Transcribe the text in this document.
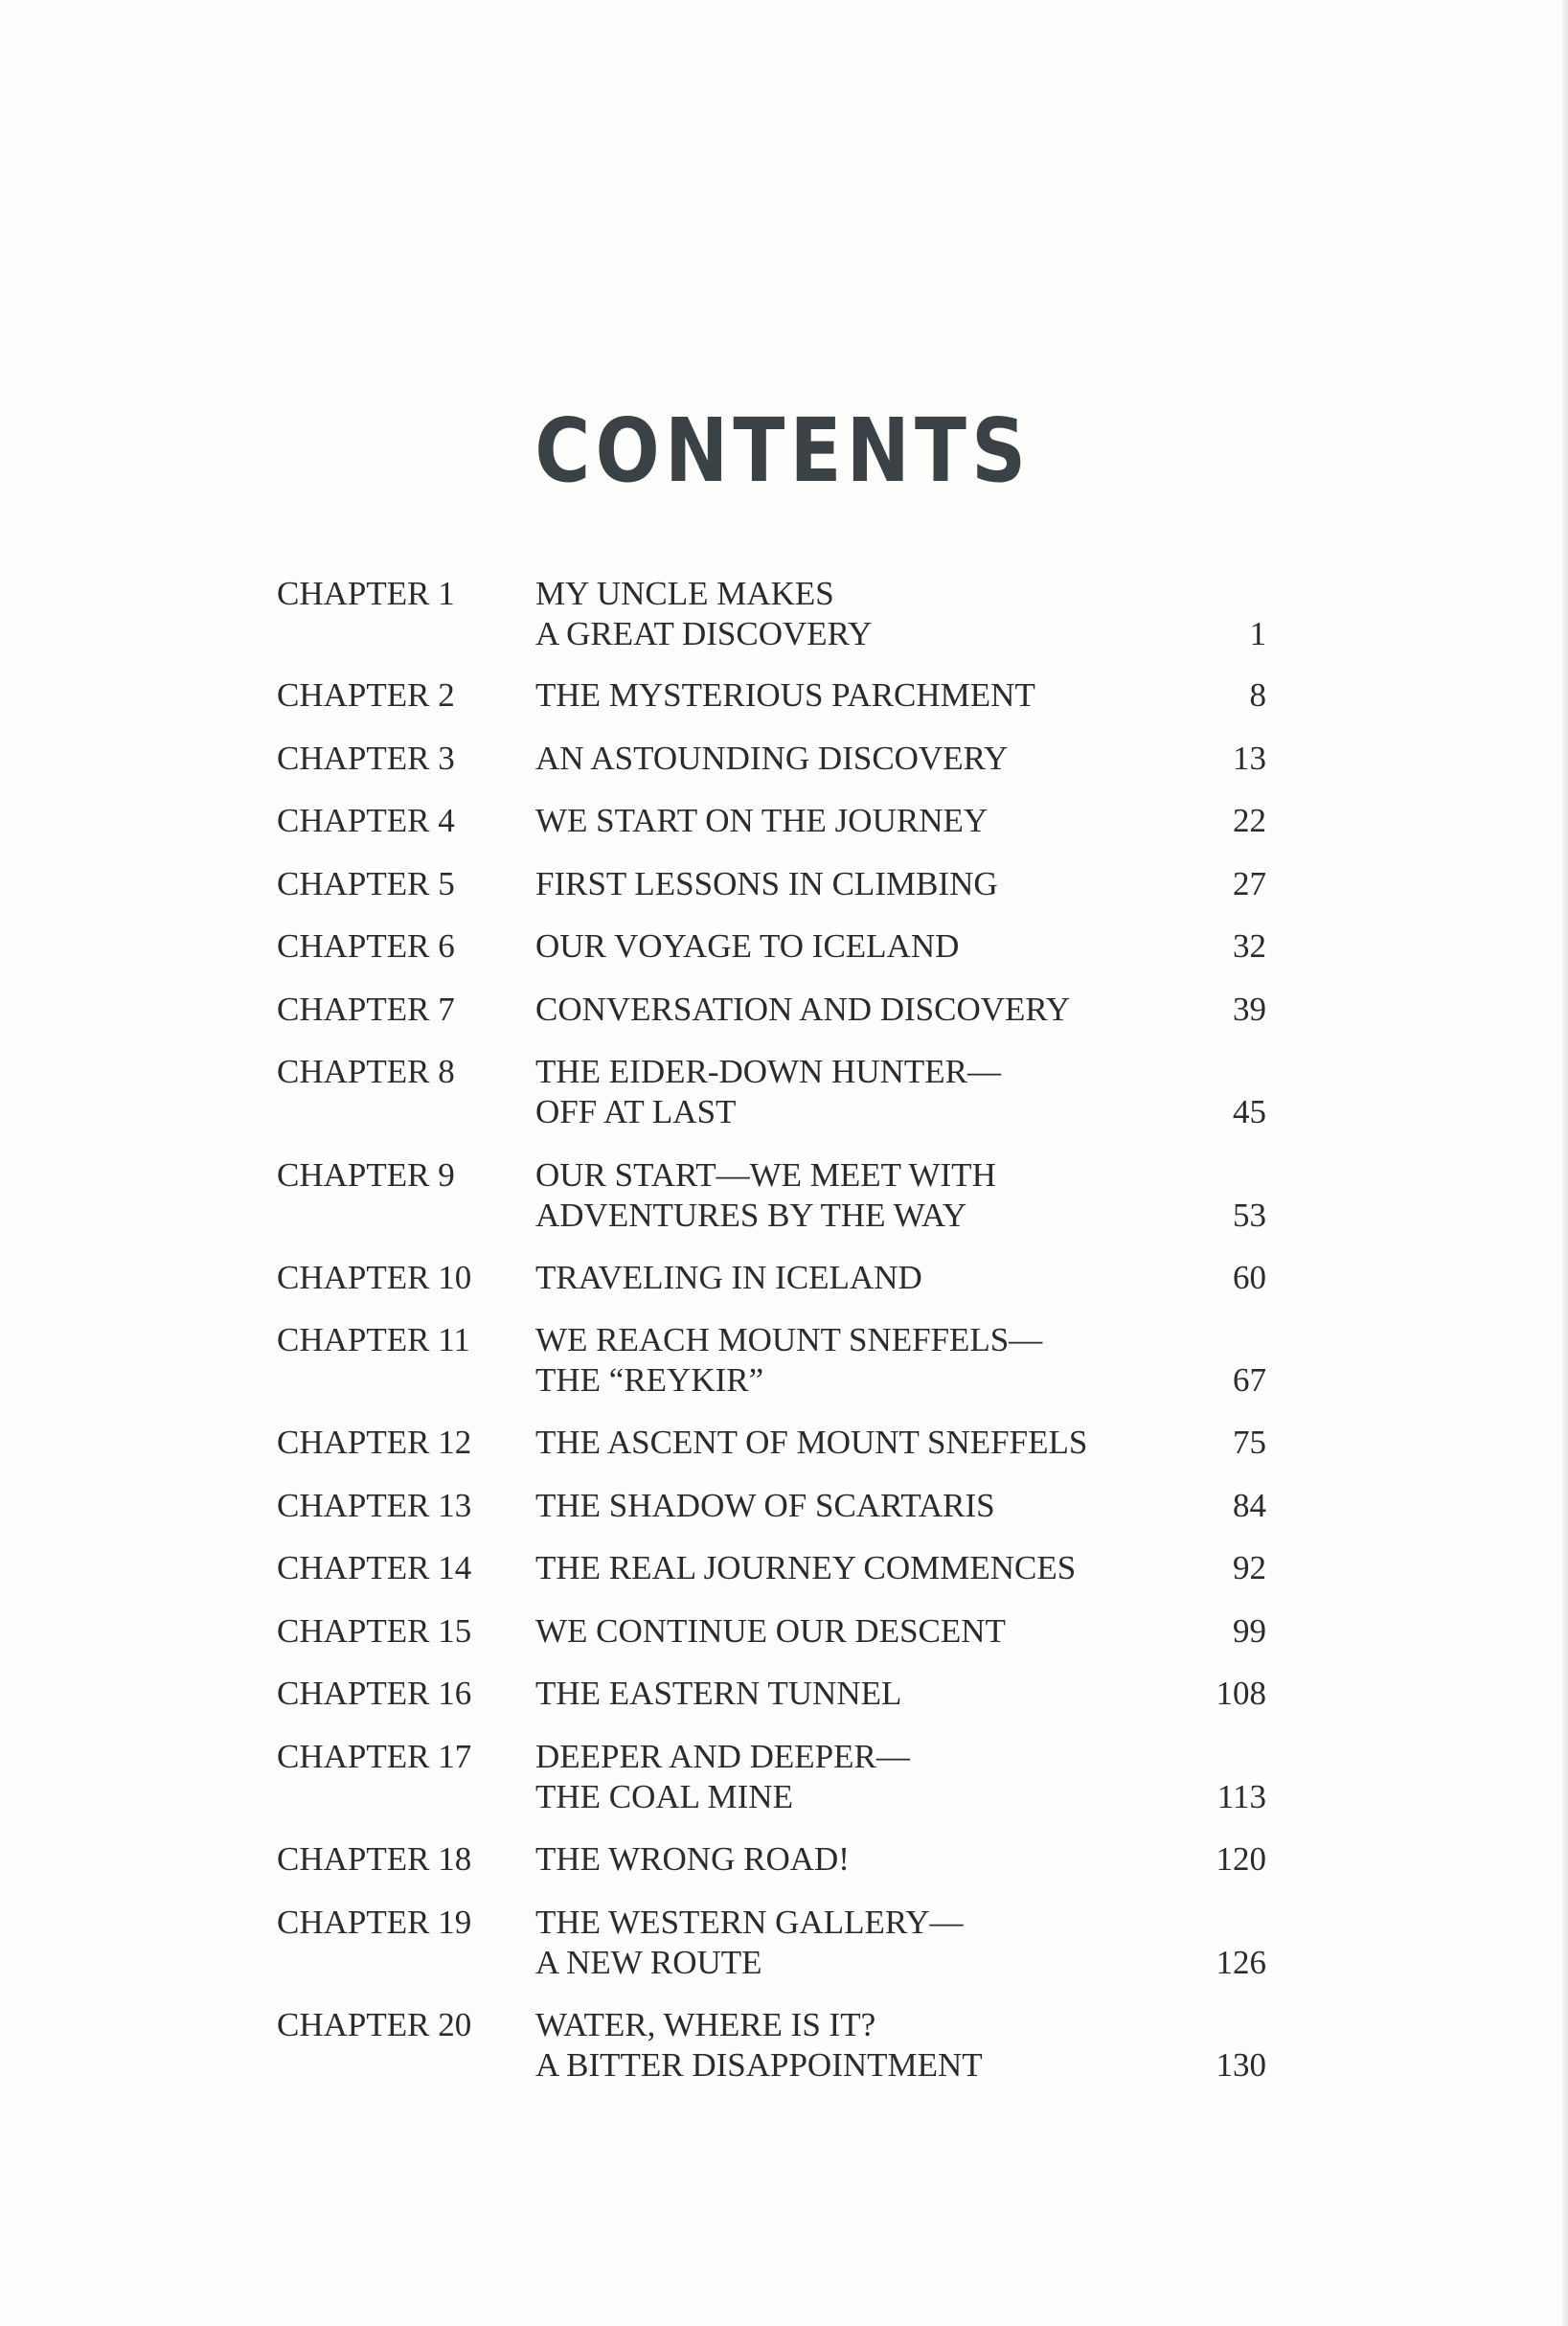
CONTENTS
CHAPTER 1 MY UNCLE MAKES
A GREAT DISCOVERY	1
CHAPTER 2 THE MYSTERIOUS PARCHMENT	8
CHAPTER 3 AN ASTOUNDING DISCOVERY	13
CHAPTER 4 WE START ON THE JOURNEY	22
CHAPTER 5 FIRST LESSONS IN CLIMBING	27
CHAPTER 6 OUR VOYAGE TO ICELAND	32
CHAPTER 7 CONVERSATION AND DISCOVERY	39
CHAPTER 8 THE EIDER-DOWN HUNTER—
OFF AT LAST	45
CHAPTER 9 OUR START—WE MEET WITH
ADVENTURES BY THE WAY	53
CHAPTER 10 TRAVELING IN ICELAND	60
CHAPTER 11 WE REACH MOUNT SNEFFELS—
THE “REYKIR”	67
CHAPTER 12 THE ASCENT OF MOUNT SNEFFELS	75
CHAPTER 13 THE SHADOW OF SCARTARIS	84
CHAPTER 14 THE REAL JOURNEY COMMENCES	92
CHAPTER 15 WE CONTINUE OUR DESCENT	99
CHAPTER 16 THE EASTERN TUNNEL	108
CHAPTER 17 DEEPER AND DEEPER—
THE COAL MINE	113
CHAPTER 18 THE WRONG ROAD!	120
CHAPTER 19 THE WESTERN GALLERY—
A NEW ROUTE	126
CHAPTER 20 WATER, WHERE IS IT?
A BITTER DISAPPOINTMENT	130
